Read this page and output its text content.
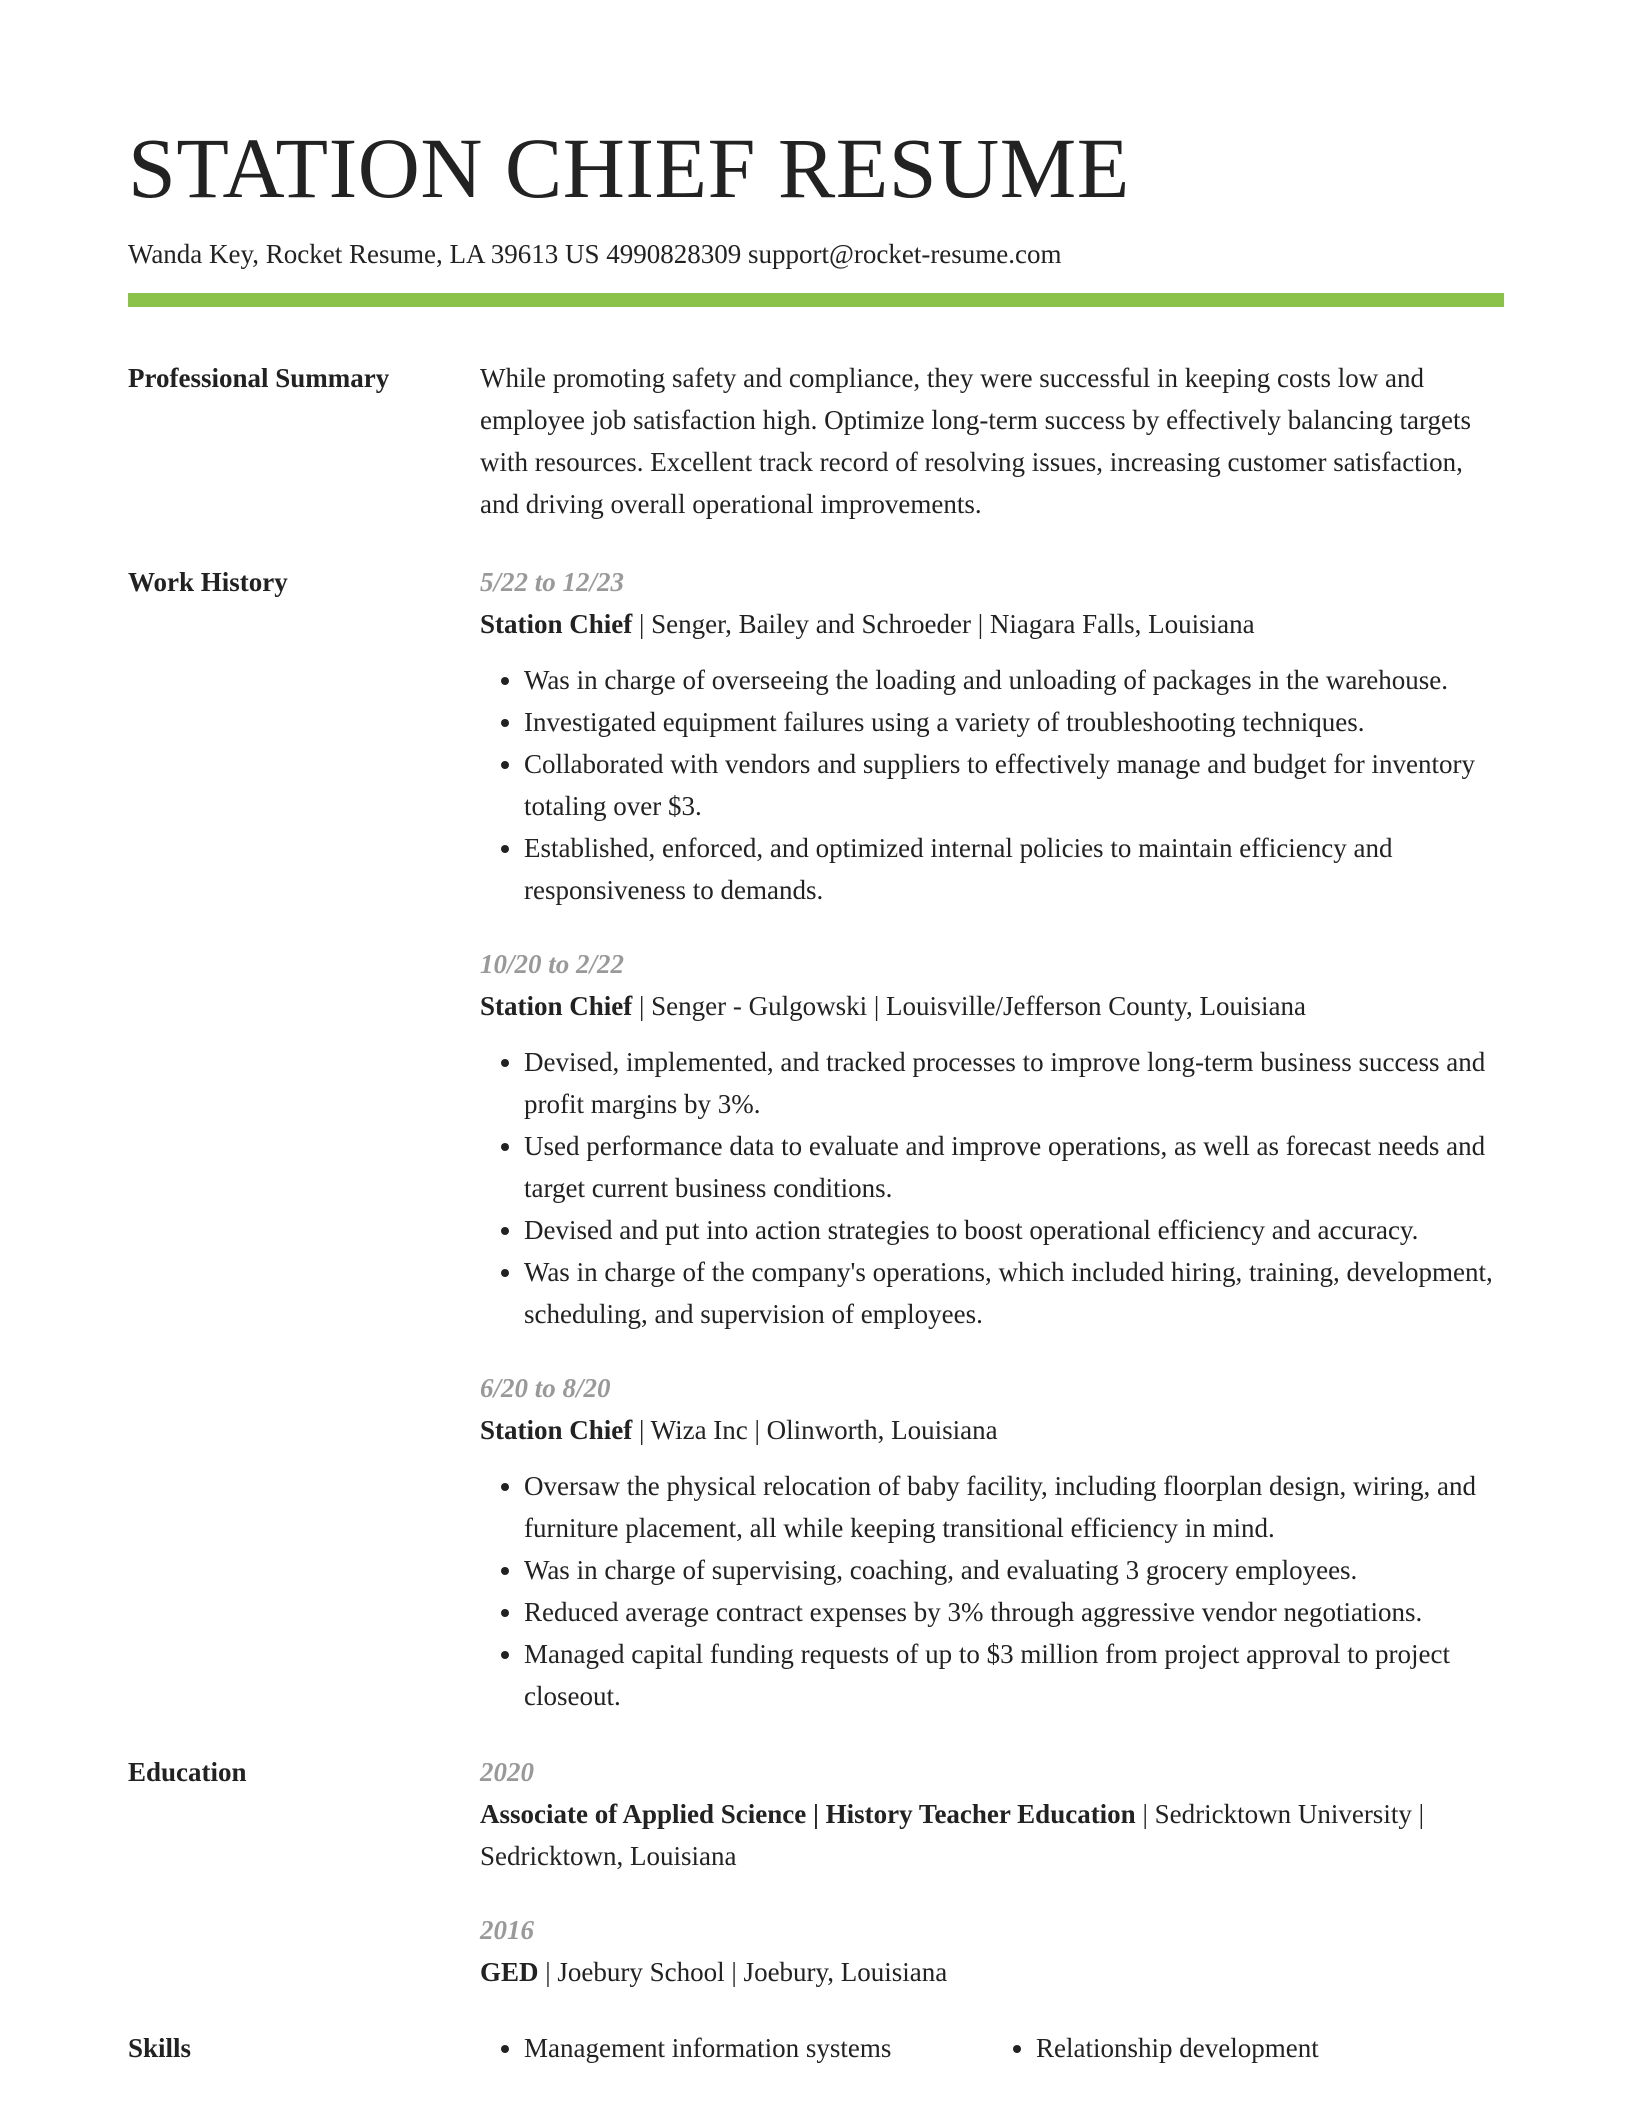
STATION CHIEF RESUME
Wanda Key, Rocket Resume, LA 39613 US 4990828309 support@rocket-resume.com
Professional Summary	While promoting safety and compliance, they were successful in keeping costs low and employee job satisfaction high. Optimize long-term success by effectively balancing targets with resources. Excellent track record of resolving issues, increasing customer satisfaction, and driving overall operational improvements.
Work History	5/22 to 12/23
Station Chief | Senger, Bailey and Schroeder | Niagara Falls, Louisiana
• Was in charge of overseeing the loading and unloading of packages in the warehouse.
• Investigated equipment failures using a variety of troubleshooting techniques.
• Collaborated with vendors and suppliers to effectively manage and budget for inventory totaling over $3.
• Established, enforced, and optimized internal policies to maintain efficiency and responsiveness to demands.
10/20 to 2/22
Station Chief | Senger - Gulgowski | Louisville/Jefferson County, Louisiana
• Devised, implemented, and tracked processes to improve long-term business success and profit margins by 3%.
• Used performance data to evaluate and improve operations, as well as forecast needs and target current business conditions.
• Devised and put into action strategies to boost operational efficiency and accuracy.
• Was in charge of the company's operations, which included hiring, training, development, scheduling, and supervision of employees.
6/20 to 8/20
Station Chief | Wiza Inc | Olinworth, Louisiana
• Oversaw the physical relocation of baby facility, including floorplan design, wiring, and furniture placement, all while keeping transitional efficiency in mind.
• Was in charge of supervising, coaching, and evaluating 3 grocery employees.
• Reduced average contract expenses by 3% through aggressive vendor negotiations.
• Managed capital funding requests of up to $3 million from project approval to project closeout.
Education	2020
Associate of Applied Science | History Teacher Education | Sedricktown University | Sedricktown, Louisiana
2016
GED | Joebury School | Joebury, Louisiana
Skills	• Management information systems	• Relationship development
